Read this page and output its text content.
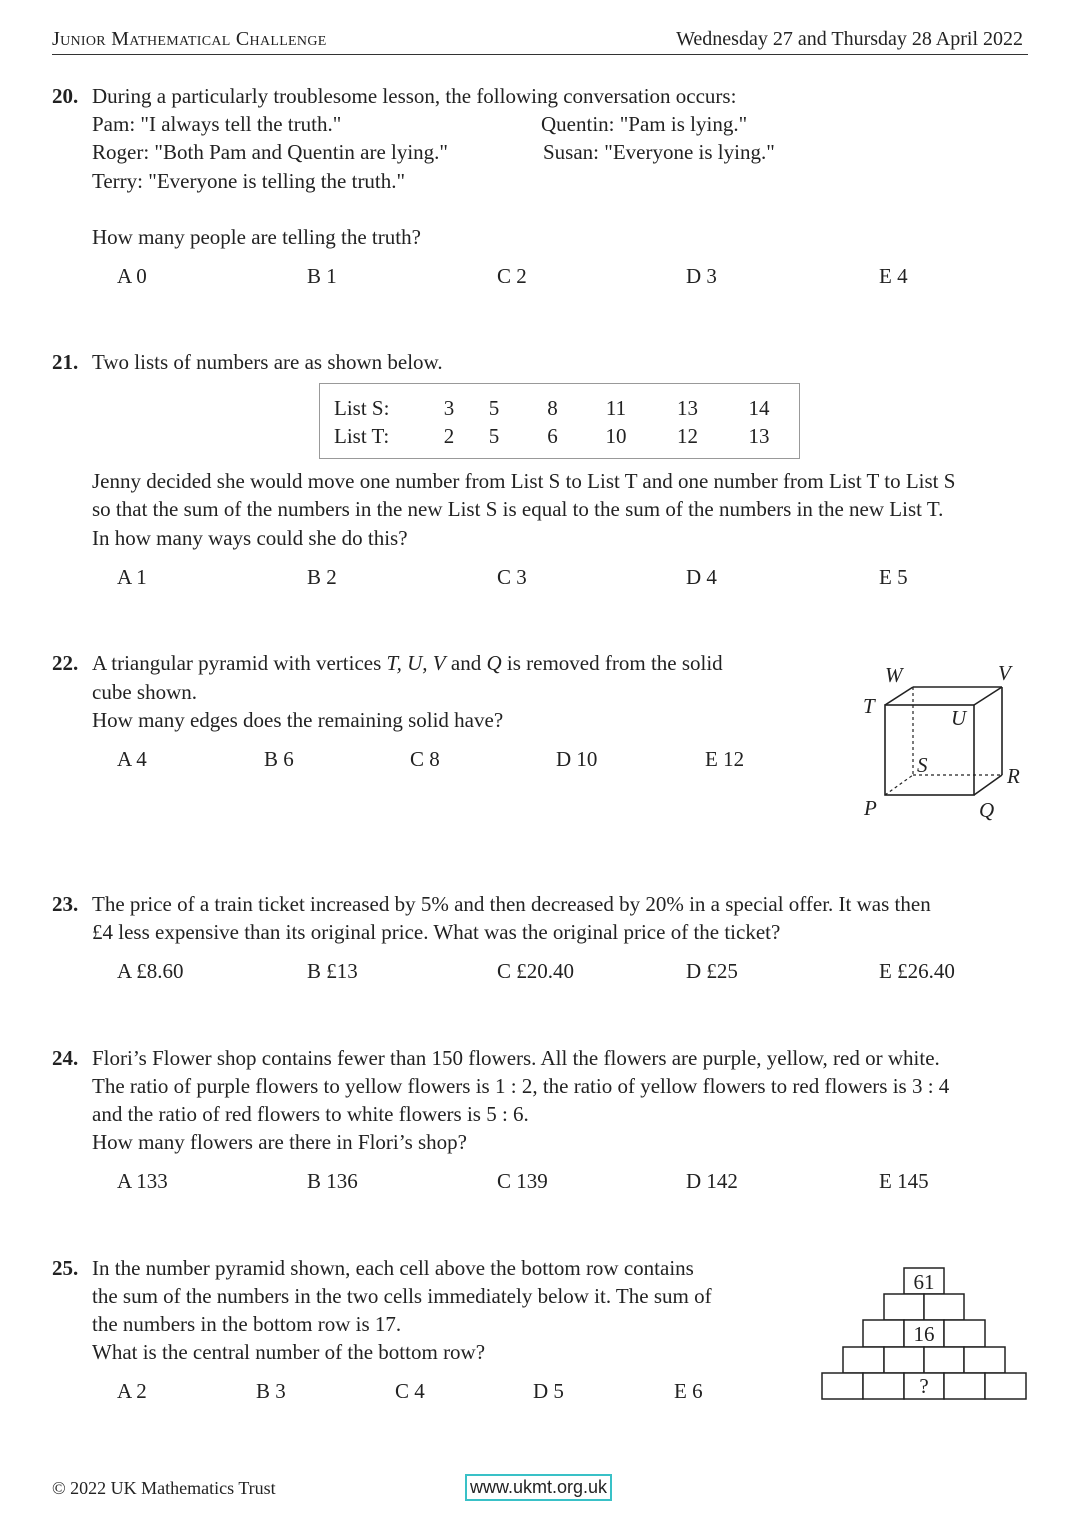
Junior Mathematical Challenge	Wednesday 27 and Thursday 28 April 2022
20. During a particularly troublesome lesson, the following conversation occurs:
Pam: "I always tell the truth."	Quentin: "Pam is lying."
Roger: "Both Pam and Quentin are lying."	Susan: "Everyone is lying."
Terry: "Everyone is telling the truth."
How many people are telling the truth?
A 0	B 1	C 2	D 3	E 4
21. Two lists of numbers are as shown below.
List S:	3	5	8	11	13	14
List T:	2	5	6	10	12	13
Jenny decided she would move one number from List S to List T and one number from List T to List S
so that the sum of the numbers in the new List S is equal to the sum of the numbers in the new List T.
In how many ways could she do this?
A 1	B 2	C 3	D 4	E 5
22. A triangular pyramid with vertices T, U, V and Q is removed from the solid
cube shown.
How many edges does the remaining solid have?
A 4	B 6	C 8	D 10	E 12
W	V
T	U
S	R
P	Q
23. The price of a train ticket increased by 5% and then decreased by 20% in a special offer. It was then
£4 less expensive than its original price. What was the original price of the ticket?
A £8.60	B £13	C £20.40	D £25	E £26.40
24. Flori’s Flower shop contains fewer than 150 flowers. All the flowers are purple, yellow, red or white.
The ratio of purple flowers to yellow flowers is 1 : 2, the ratio of yellow flowers to red flowers is 3 : 4
and the ratio of red flowers to white flowers is 5 : 6.
How many flowers are there in Flori’s shop?
A 133	B 136	C 139	D 142	E 145
25. In the number pyramid shown, each cell above the bottom row contains
the sum of the numbers in the two cells immediately below it. The sum of
the numbers in the bottom row is 17.
What is the central number of the bottom row?
A 2	B 3	C 4	D 5	E 6
61
16
?
© 2022 UK Mathematics Trust	www.ukmt.org.uk
